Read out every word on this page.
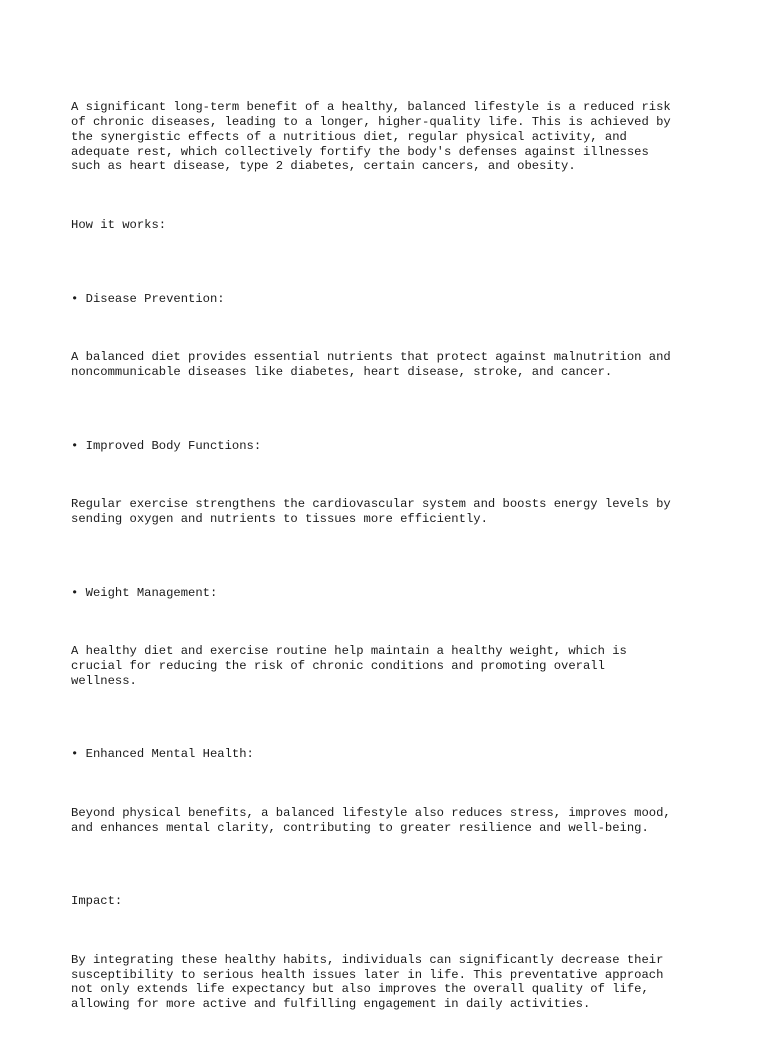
A significant long-term benefit of a healthy, balanced lifestyle is a reduced risk
of chronic diseases, leading to a longer, higher-quality life. This is achieved by
the synergistic effects of a nutritious diet, regular physical activity, and
adequate rest, which collectively fortify the body's defenses against illnesses
such as heart disease, type 2 diabetes, certain cancers, and obesity.

How it works:

• Disease Prevention:

A balanced diet provides essential nutrients that protect against malnutrition and
noncommunicable diseases like diabetes, heart disease, stroke, and cancer.

• Improved Body Functions:

Regular exercise strengthens the cardiovascular system and boosts energy levels by
sending oxygen and nutrients to tissues more efficiently.

• Weight Management:

A healthy diet and exercise routine help maintain a healthy weight, which is
crucial for reducing the risk of chronic conditions and promoting overall
wellness.

• Enhanced Mental Health:

Beyond physical benefits, a balanced lifestyle also reduces stress, improves mood,
and enhances mental clarity, contributing to greater resilience and well-being.

Impact:

By integrating these healthy habits, individuals can significantly decrease their
susceptibility to serious health issues later in life. This preventative approach
not only extends life expectancy but also improves the overall quality of life,
allowing for more active and fulfilling engagement in daily activities.
